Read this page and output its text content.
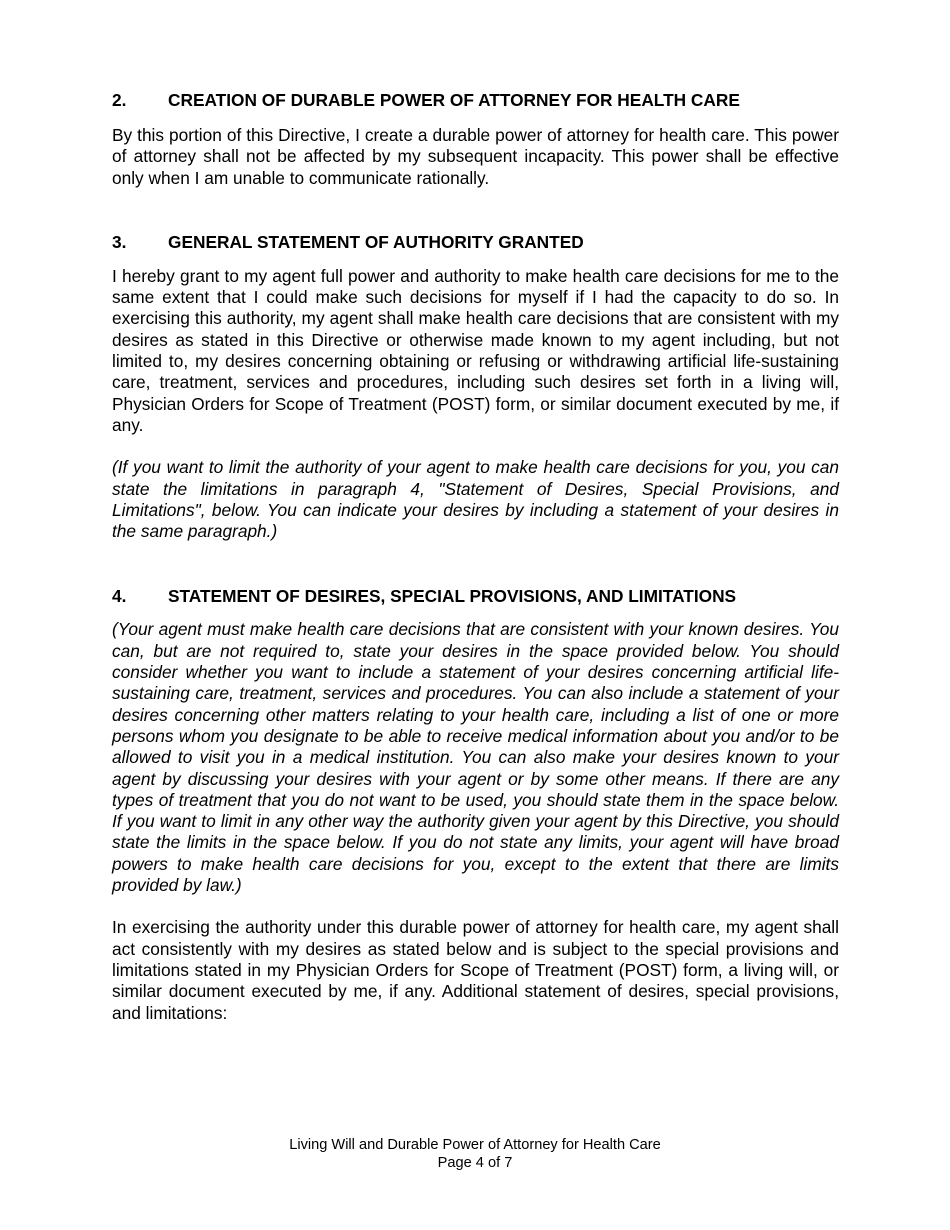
2.	CREATION OF DURABLE POWER OF ATTORNEY FOR HEALTH CARE

By this portion of this Directive, I create a durable power of attorney for health care. This power of attorney shall not be affected by my subsequent incapacity. This power shall be effective only when I am unable to communicate rationally.

3.	GENERAL STATEMENT OF AUTHORITY GRANTED

I hereby grant to my agent full power and authority to make health care decisions for me to the same extent that I could make such decisions for myself if I had the capacity to do so. In exercising this authority, my agent shall make health care decisions that are consistent with my desires as stated in this Directive or otherwise made known to my agent including, but not limited to, my desires concerning obtaining or refusing or withdrawing artificial life-sustaining care, treatment, services and procedures, including such desires set forth in a living will, Physician Orders for Scope of Treatment (POST) form, or similar document executed by me, if any.

(If you want to limit the authority of your agent to make health care decisions for you, you can state the limitations in paragraph 4, "Statement of Desires, Special Provisions, and Limitations", below. You can indicate your desires by including a statement of your desires in the same paragraph.)

4.	STATEMENT OF DESIRES, SPECIAL PROVISIONS, AND LIMITATIONS

(Your agent must make health care decisions that are consistent with your known desires. You can, but are not required to, state your desires in the space provided below. You should consider whether you want to include a statement of your desires concerning artificial life-sustaining care, treatment, services and procedures. You can also include a statement of your desires concerning other matters relating to your health care, including a list of one or more persons whom you designate to be able to receive medical information about you and/or to be allowed to visit you in a medical institution. You can also make your desires known to your agent by discussing your desires with your agent or by some other means. If there are any types of treatment that you do not want to be used, you should state them in the space below. If you want to limit in any other way the authority given your agent by this Directive, you should state the limits in the space below. If you do not state any limits, your agent will have broad powers to make health care decisions for you, except to the extent that there are limits provided by law.)

In exercising the authority under this durable power of attorney for health care, my agent shall act consistently with my desires as stated below and is subject to the special provisions and limitations stated in my Physician Orders for Scope of Treatment (POST) form, a living will, or similar document executed by me, if any. Additional statement of desires, special provisions, and limitations:

Living Will and Durable Power of Attorney for Health Care
Page 4 of 7
